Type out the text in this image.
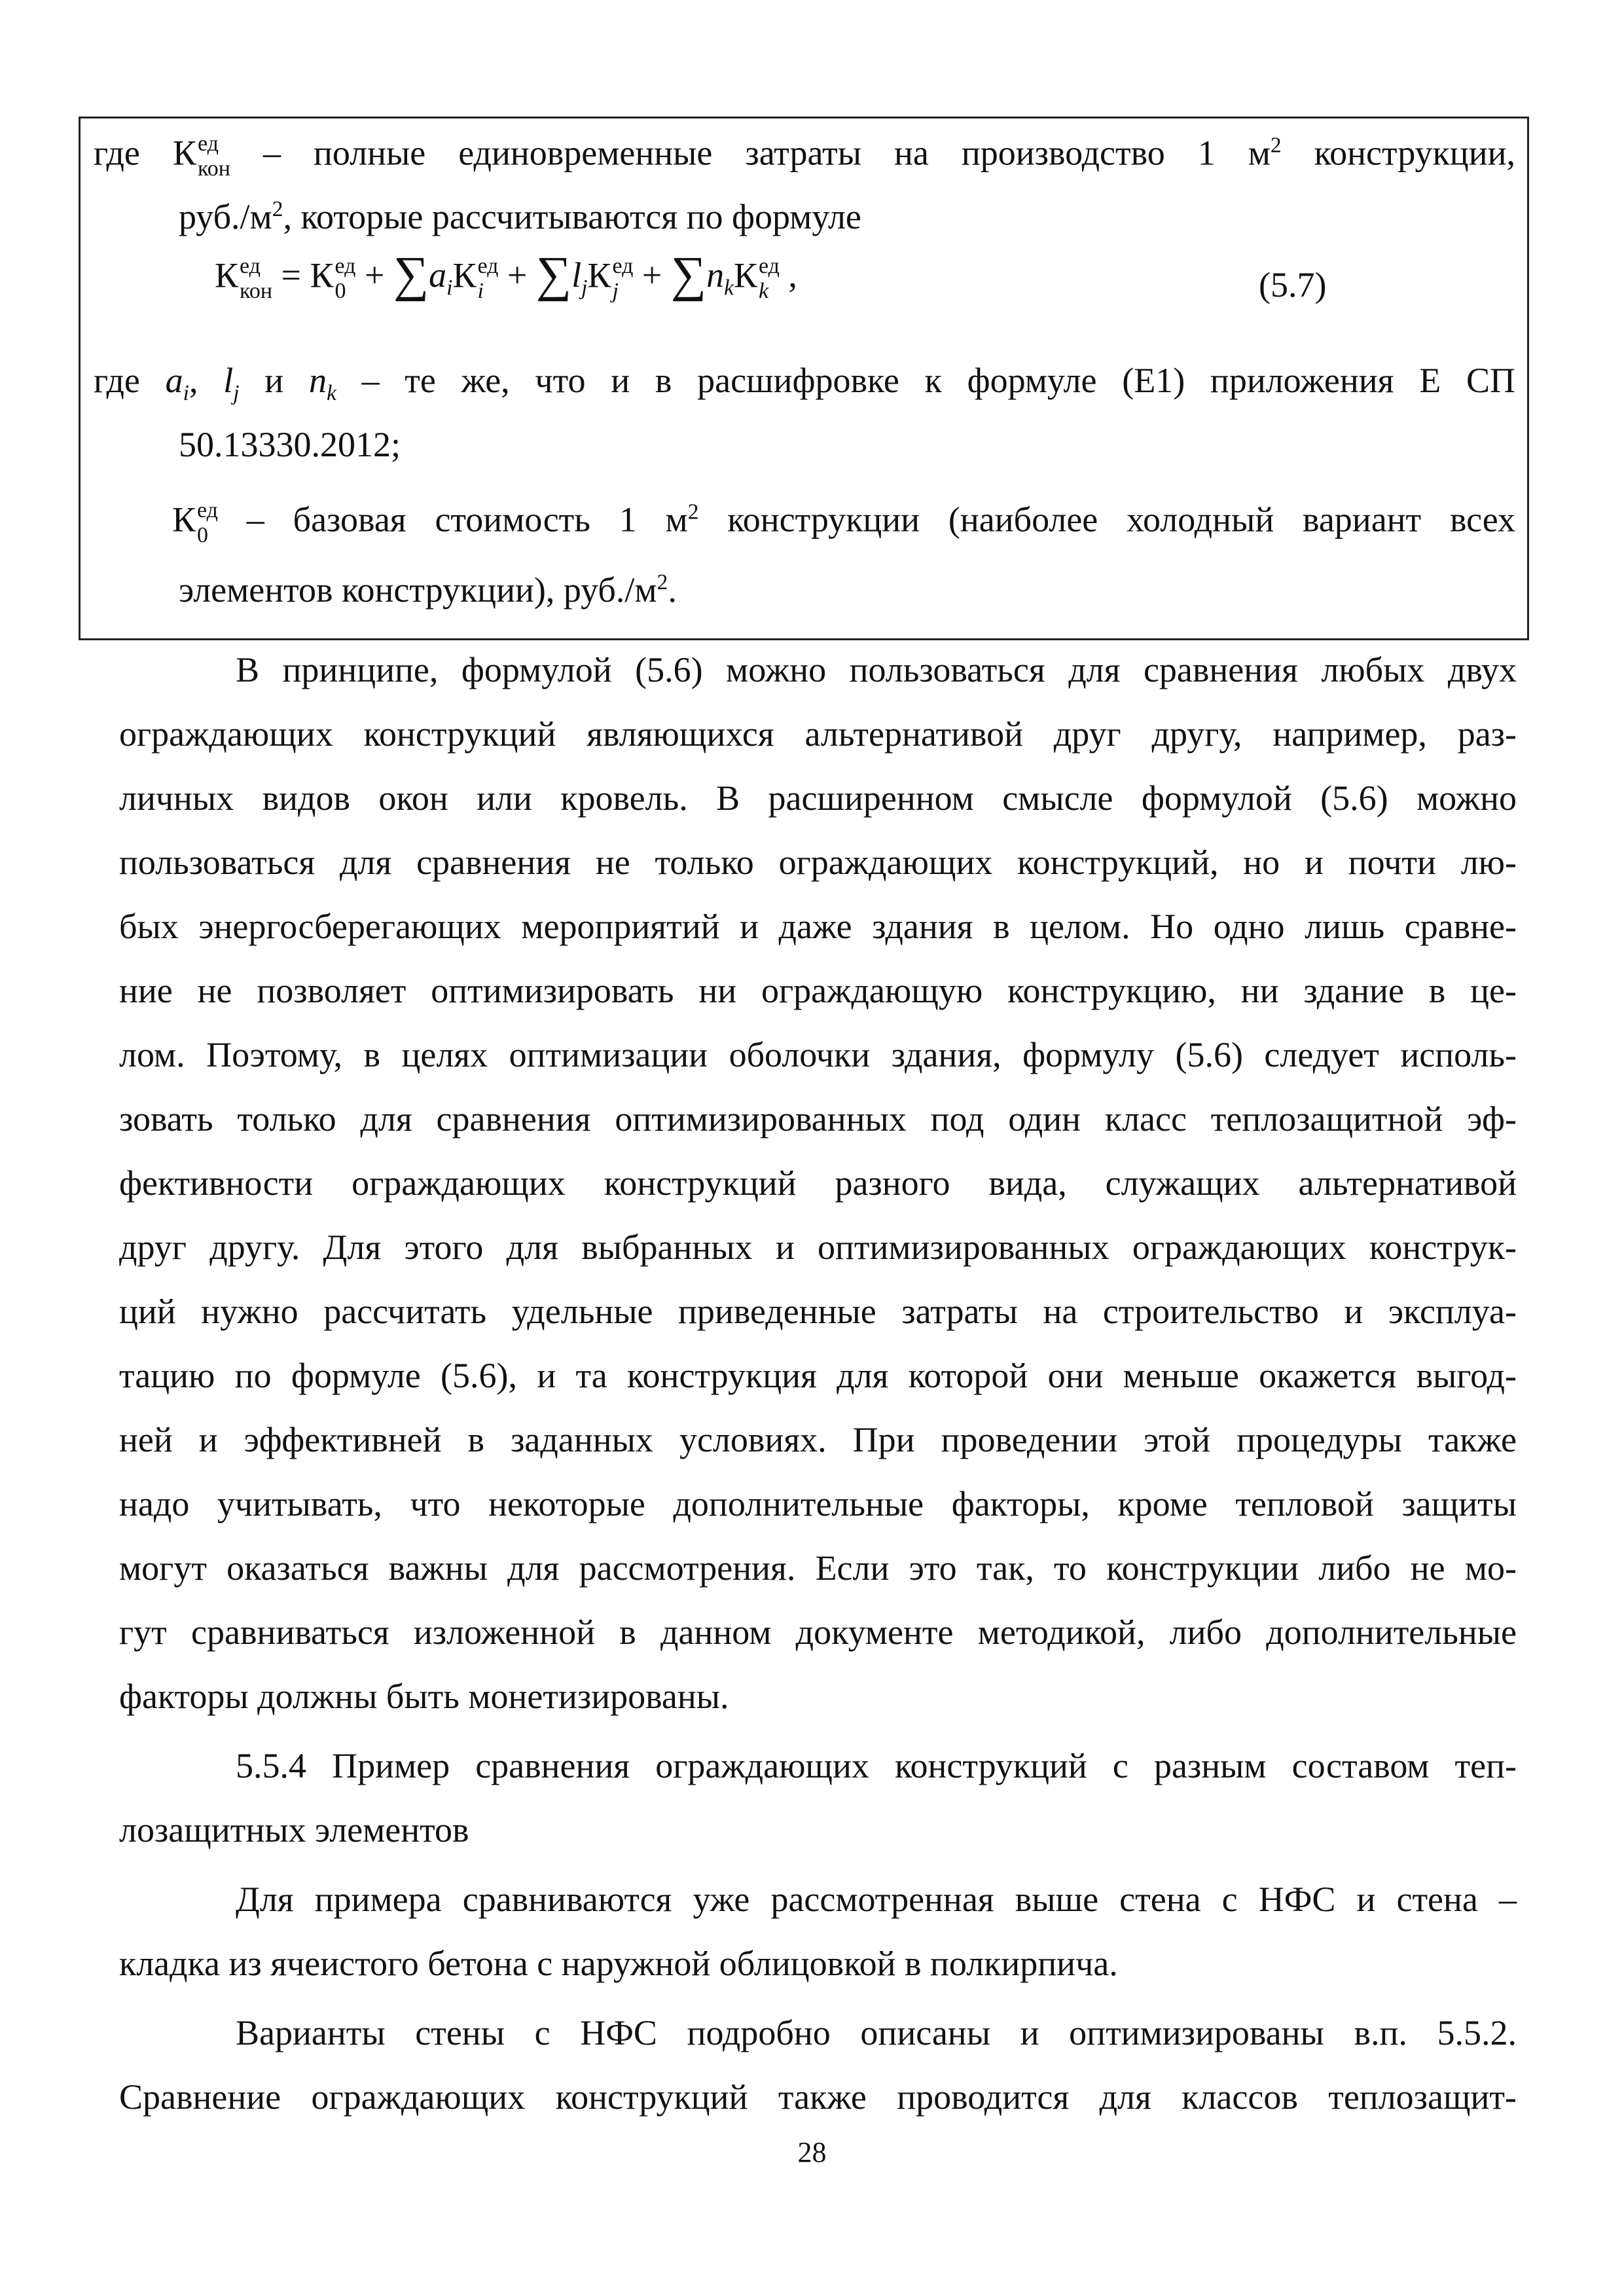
где К ед
кон – полные единовременные затраты на производство 1 $м^2$ конструкции,
$руб./м^2$, которые рассчитываются по формуле
К ед
кон = К ед
$0 + \sum a_iК$ ед
$i + \sum l_jК$ ед
$j + \sum n_kК$ ед
k ,	(5.7)
где $a_i$, $l_j$ и $n_k$ – те же, что и в расшифровке к формуле (Е1) приложения Е СП
50.13330.2012;
К ед
0 – базовая стоимость 1 $м^2$ конструкции (наиболее холодный вариант всех
элементов конструкции), $руб./м^2$.
В принципе, формулой (5.6) можно пользоваться для сравнения любых двух
ограждающих конструкций являющихся альтернативой друг другу, например, раз-
личных видов окон или кровель. В расширенном смысле формулой (5.6) можно
пользоваться для сравнения не только ограждающих конструкций, но и почти лю-
бых энергосберегающих мероприятий и даже здания в целом. Но одно лишь сравне-
ние не позволяет оптимизировать ни ограждающую конструкцию, ни здание в це-
лом. Поэтому, в целях оптимизации оболочки здания, формулу (5.6) следует исполь-
зовать только для сравнения оптимизированных под один класс теплозащитной эф-
фективности ограждающих конструкций разного вида, служащих альтернативой
друг другу. Для этого для выбранных и оптимизированных ограждающих конструк-
ций нужно рассчитать удельные приведенные затраты на строительство и эксплуа-
тацию по формуле (5.6), и та конструкция для которой они меньше окажется выгод-
ней и эффективней в заданных условиях. При проведении этой процедуры также
надо учитывать, что некоторые дополнительные факторы, кроме тепловой защиты
могут оказаться важны для рассмотрения. Если это так, то конструкции либо не мо-
гут сравниваться изложенной в данном документе методикой, либо дополнительные
факторы должны быть монетизированы.
5.5.4 Пример сравнения ограждающих конструкций с разным составом теп-
лозащитных элементов
Для примера сравниваются уже рассмотренная выше стена с НФС и стена –
кладка из ячеистого бетона с наружной облицовкой в полкирпича.
Варианты стены с НФС подробно описаны и оптимизированы в.п. 5.5.2.
Сравнение ограждающих конструкций также проводится для классов теплозащит-
28
